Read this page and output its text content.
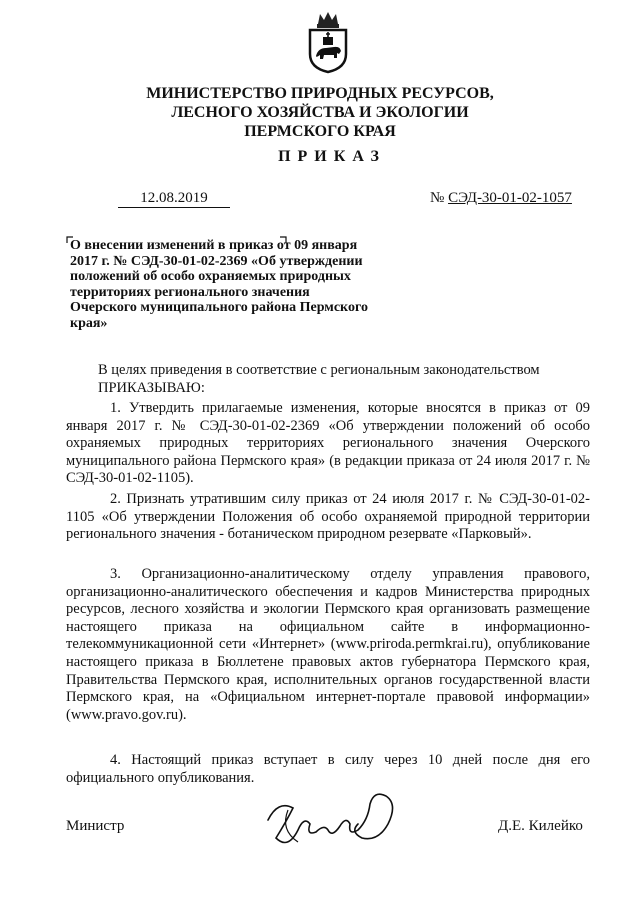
МИНИСТЕРСТВО ПРИРОДНЫХ РЕСУРСОВ,
ЛЕСНОГО ХОЗЯЙСТВА И ЭКОЛОГИИ
ПЕРМСКОГО КРАЯ
ПРИКАЗ
12.08.2019	№ СЭД-30-01-02-1057
О внесении изменений в приказ от 09 января 2017 г. № СЭД-30-01-02-2369 «Об утверждении положений об особо охраняемых природных территориях регионального значения Очерского муниципального района Пермского края»
В целях приведения в соответствие с региональным законодательством
ПРИКАЗЫВАЮ:

1. Утвердить прилагаемые изменения, которые вносятся в приказ от 09 января 2017 г. № СЭД-30-01-02-2369 «Об утверждении положений об особо охраняемых природных территориях регионального значения Очерского муниципального района Пермского края» (в редакции приказа от 24 июля 2017 г. № СЭД-30-01-02-1105).

2. Признать утратившим силу приказ от 24 июля 2017 г. № СЭД-30-01-02-1105 «Об утверждении Положения об особо охраняемой природной территории регионального значения - ботаническом природном резервате «Парковый».

3. Организационно-аналитическому отделу управления правового, организационно-аналитического обеспечения и кадров Министерства природных ресурсов, лесного хозяйства и экологии Пермского края организовать размещение настоящего приказа на официальном сайте в информационно-телекоммуникационной сети «Интернет» (www.priroda.permkrai.ru), опубликование настоящего приказа в Бюллетене правовых актов губернатора Пермского края, Правительства Пермского края, исполнительных органов государственной власти Пермского края, на «Официальном интернет-портале правовой информации» (www.pravo.gov.ru).

4. Настоящий приказ вступает в силу через 10 дней после дня его официального опубликования.

Министр	Д.Е. Килейко
